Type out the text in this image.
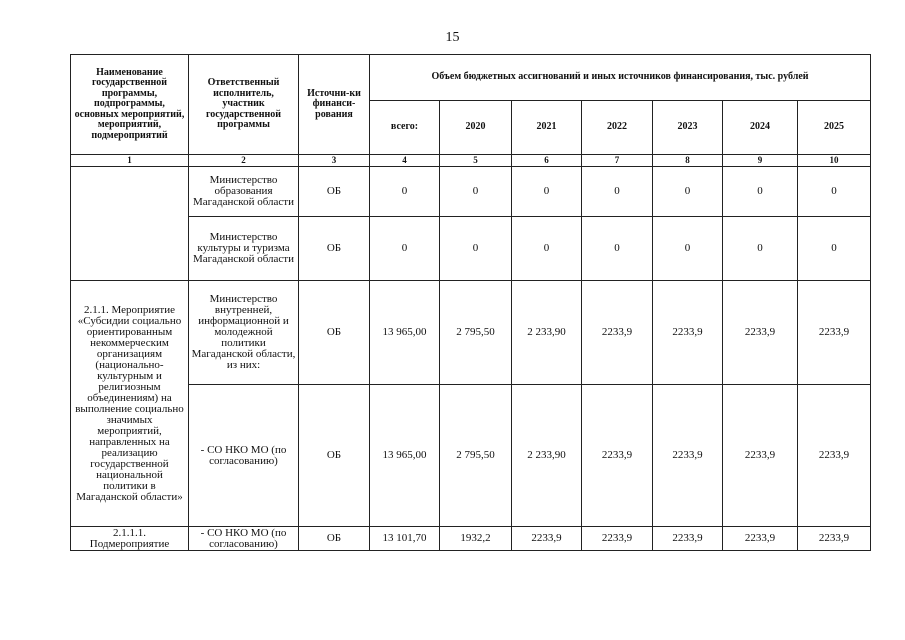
15
Наименование государственной программы, подпрограммы, основных мероприятий, мероприятий, подмероприятий	Ответственный исполнитель, участник государственной программы	Источни-ки финанси-рования	Объем бюджетных ассигнований и иных источников финансирования, тыс. рублей						
			всего:	2020	2021	2022	2023	2024	2025
1	2	3	4	5	6	7	8	9	10
	Министерство образования Магаданской области	ОБ	0	0	0	0	0	0	0
	Министерство культуры и туризма Магаданской области	ОБ	0	0	0	0	0	0	0
2.1.1. Мероприятие «Субсидии социально ориентированным некоммерческим организациям (национально-культурным и религиозным объединениям) на выполнение социально значимых мероприятий, направленных на реализацию государственной национальной политики в Магаданской области»	Министерство внутренней, информационной и молодежной политики Магаданской области, из них:	ОБ	13 965,00	2 795,50	2 233,90	2233,9	2233,9	2233,9	2233,9
	- СО НКО МО (по согласованию)	ОБ	13 965,00	2 795,50	2 233,90	2233,9	2233,9	2233,9	2233,9
2.1.1.1. Подмероприятие	- СО НКО МО (по согласованию)	ОБ	13 101,70	1932,2	2233,9	2233,9	2233,9	2233,9	2233,9
